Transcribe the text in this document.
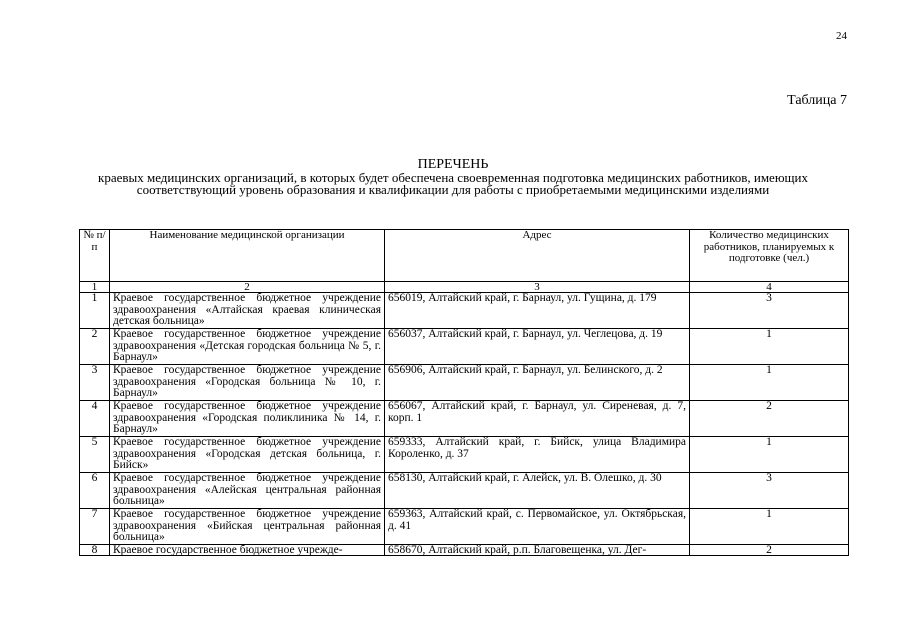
24
Таблица 7
ПЕРЕЧЕНЬ
краевых медицинских организаций, в которых будет обеспечена своевременная подготовка медицинских работников, имеющих соответствующий уровень образования и квалификации для работы с приобретаемыми медицинскими изделиями
№ п/п	Наименование медицинской организации	Адрес	Количество медицинских работников, планируемых к подготовке (чел.)
1	2	3	4
1	Краевое государственное бюджетное учреждение здравоохранения «Алтайская краевая клиническая детская больница»	656019, Алтайский край, г. Барнаул, ул. Гущина, д. 179	3
2	Краевое государственное бюджетное учреждение здравоохранения «Детская городская больница № 5, г. Барнаул»	656037, Алтайский край, г. Барнаул, ул. Чеглецова, д. 19	1
3	Краевое государственное бюджетное учреждение здравоохранения «Городская больница № 10, г. Барнаул»	656906, Алтайский край, г. Барнаул, ул. Белинского, д. 2	1
4	Краевое государственное бюджетное учреждение здравоохранения «Городская поликлиника № 14, г. Барнаул»	656067, Алтайский край, г. Барнаул, ул. Сиреневая, д. 7, корп. 1	2
5	Краевое государственное бюджетное учреждение здравоохранения «Городская детская больница, г. Бийск»	659333, Алтайский край, г. Бийск, улица Владимира Короленко, д. 37	1
6	Краевое государственное бюджетное учреждение здравоохранения «Алейская центральная районная больница»	658130, Алтайский край, г. Алейск, ул. В. Олешко, д. 30	3
7	Краевое государственное бюджетное учреждение здравоохранения «Бийская центральная районная больница»	659363, Алтайский край, с. Первомайское, ул. Октябрьская, д. 41	1
8	Краевое государственное бюджетное учрежде-	658670, Алтайский край, р.п. Благовещенка, ул. Дег-	2
